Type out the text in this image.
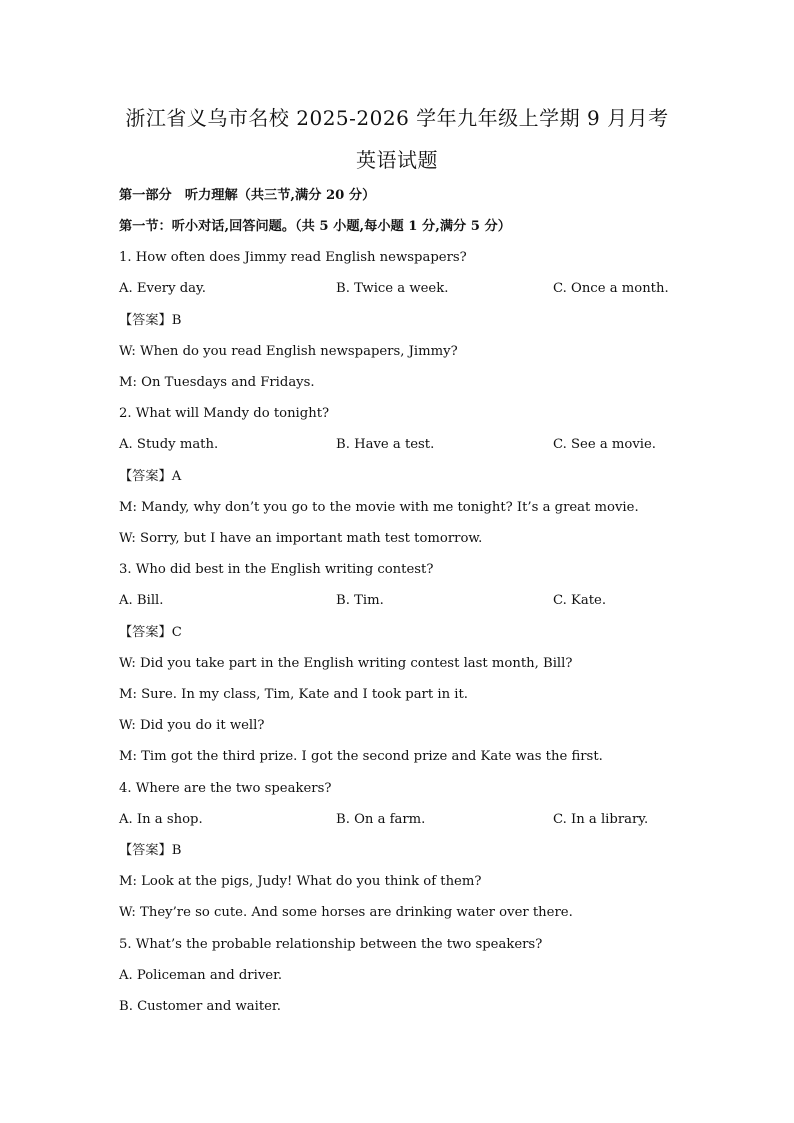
浙江省义乌市名校 2025-2026 学年九年级上学期 9 月月考
英语试题
第一部分　听力理解（共三节,满分 20 分）
第一节：听小对话,回答问题。（共 5 小题,每小题 1 分,满分 5 分）
1. How often does Jimmy read English newspapers?
A. Every day.	B. Twice a week.	C. Once a month.
【答案】B
W: When do you read English newspapers, Jimmy?
M: On Tuesdays and Fridays.
2. What will Mandy do tonight?
A. Study math.	B. Have a test.	C. See a movie.
【答案】A
M: Mandy, why don’t you go to the movie with me tonight? It’s a great movie.
W: Sorry, but I have an important math test tomorrow.
3. Who did best in the English writing contest?
A. Bill.	B. Tim.	C. Kate.
【答案】C
W: Did you take part in the English writing contest last month, Bill?
M: Sure. In my class, Tim, Kate and I took part in it.
W: Did you do it well?
M: Tim got the third prize. I got the second prize and Kate was the first.
4. Where are the two speakers?
A. In a shop.	B. On a farm.	C. In a library.
【答案】B
M: Look at the pigs, Judy! What do you think of them?
W: They’re so cute. And some horses are drinking water over there.
5. What’s the probable relationship between the two speakers?
A. Policeman and driver.
B. Customer and waiter.
